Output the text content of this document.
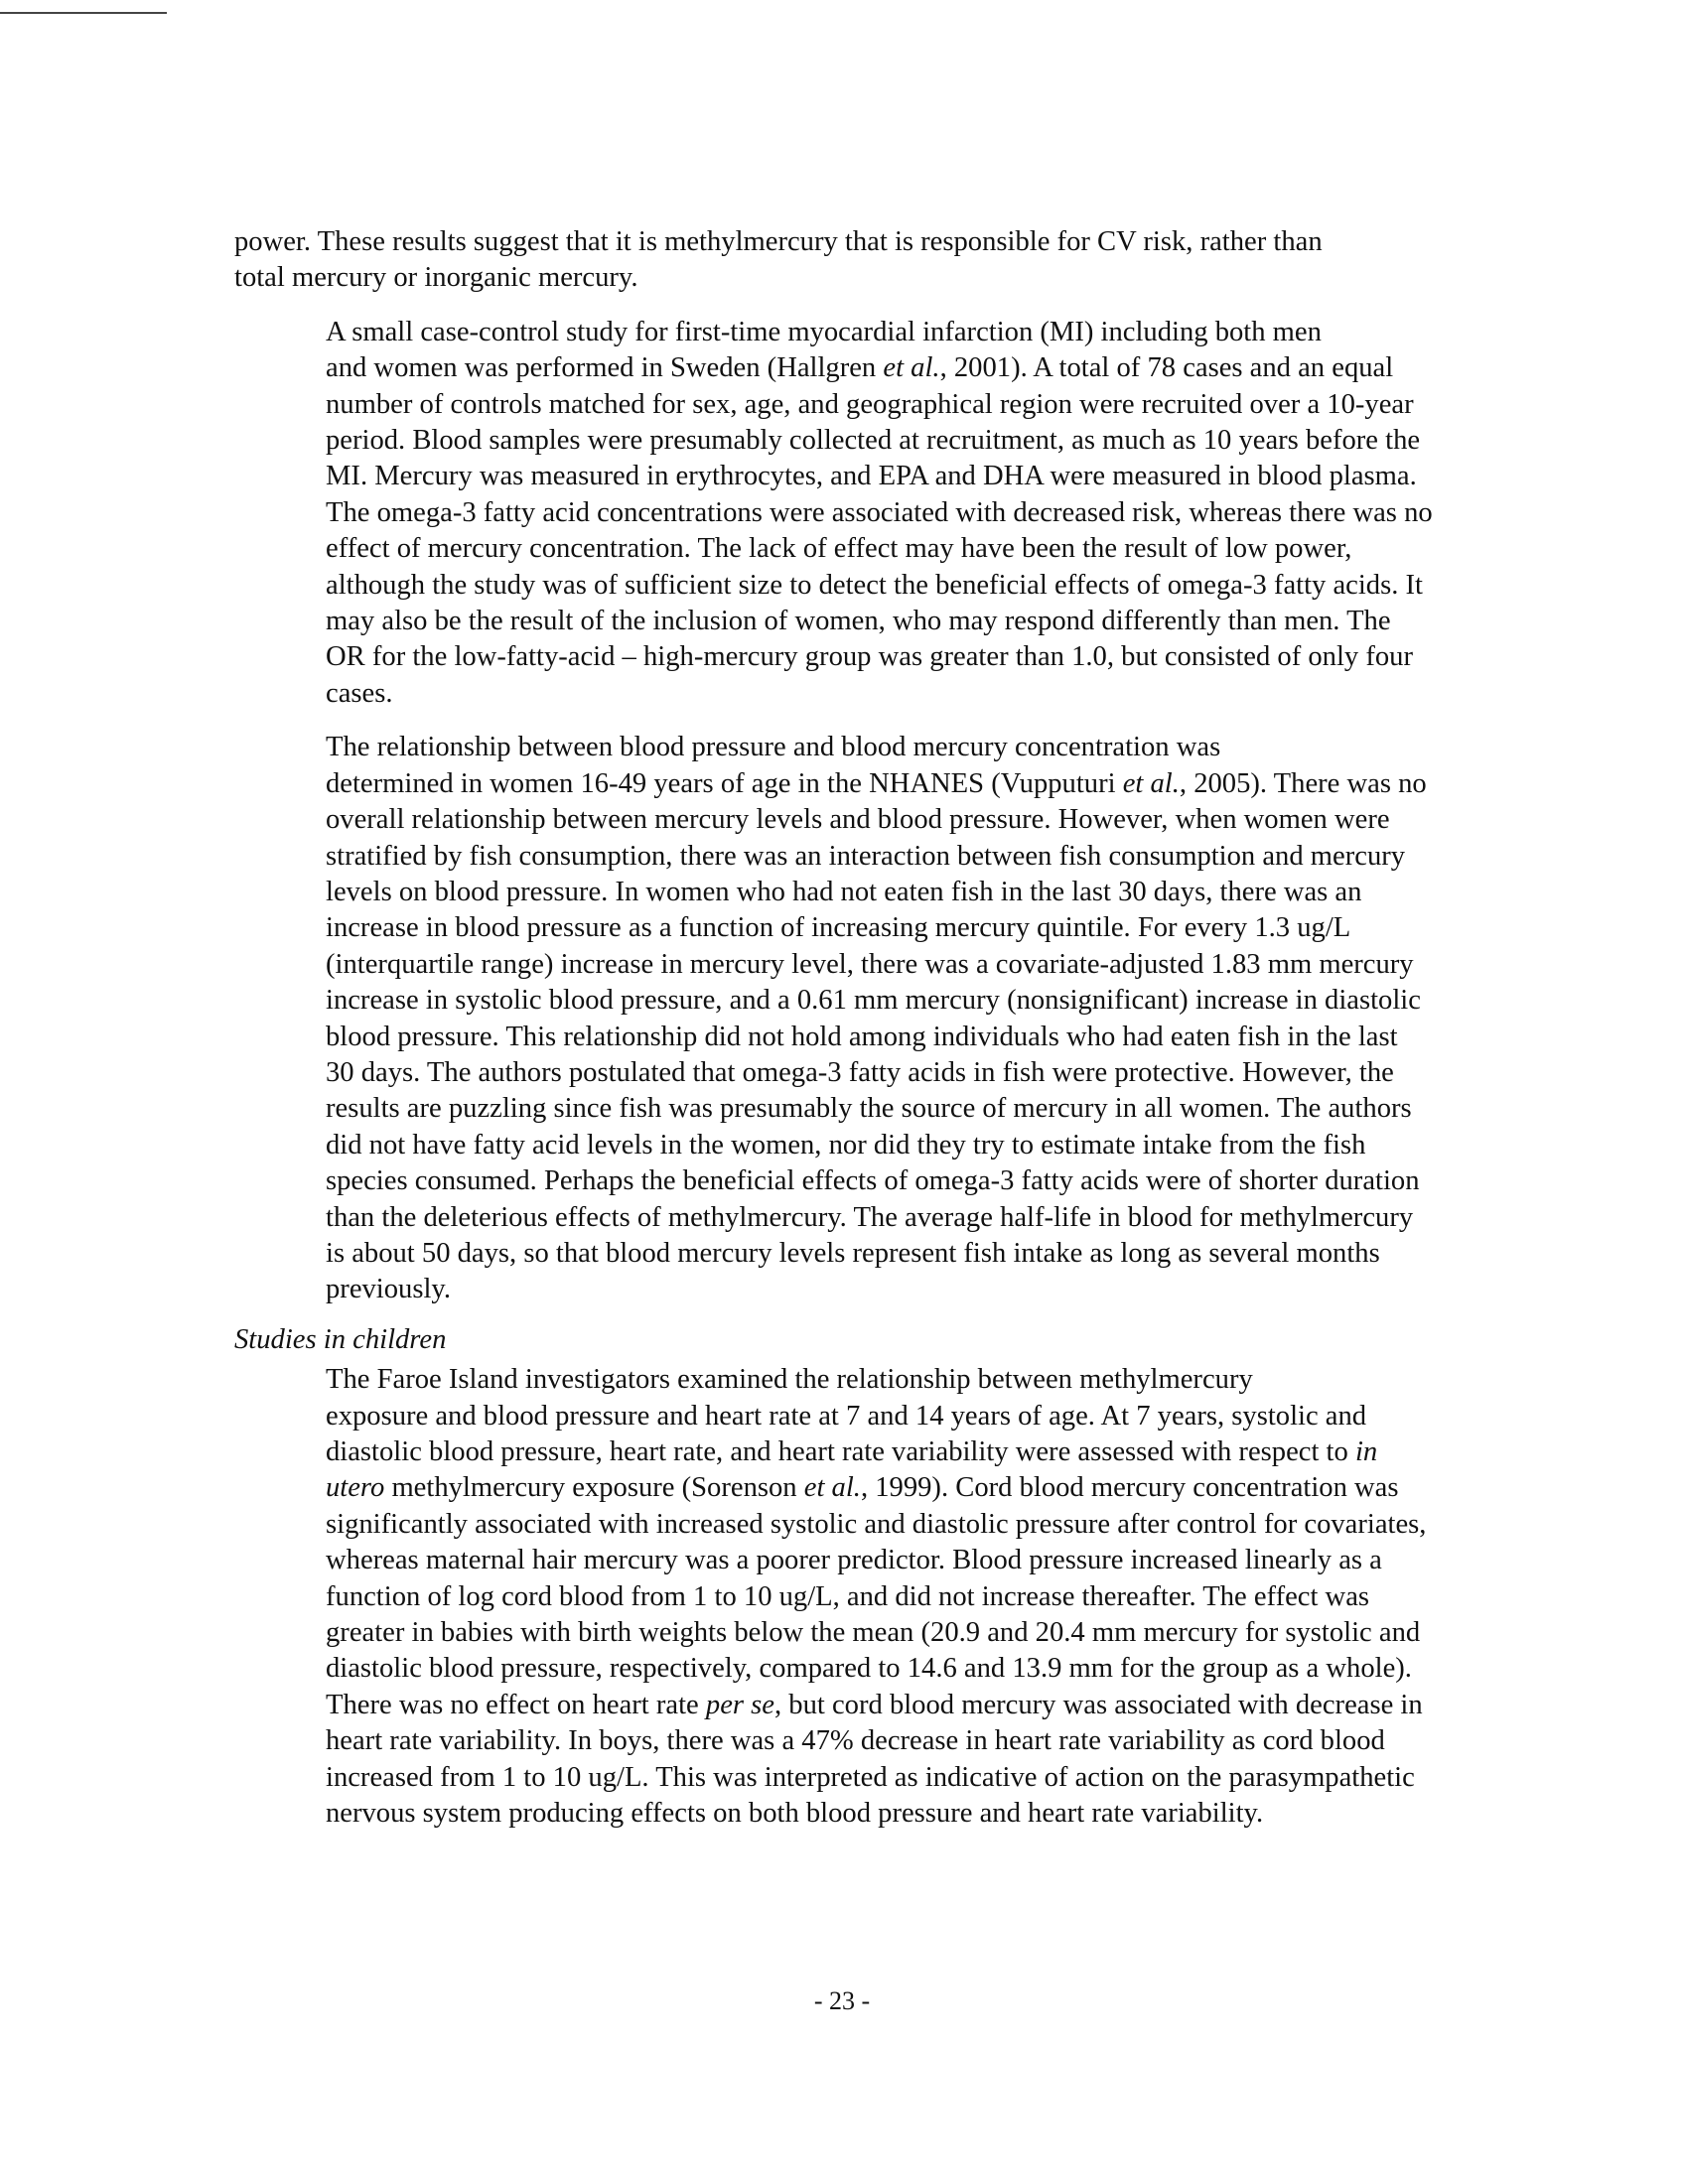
power. These results suggest that it is methylmercury that is responsible for CV risk, rather than
total mercury or inorganic mercury.

A small case-control study for first-time myocardial infarction (MI) including both men
and women was performed in Sweden (Hallgren et al., 2001). A total of 78 cases and an equal
number of controls matched for sex, age, and geographical region were recruited over a 10-year
period. Blood samples were presumably collected at recruitment, as much as 10 years before the
MI. Mercury was measured in erythrocytes, and EPA and DHA were measured in blood plasma.
The omega-3 fatty acid concentrations were associated with decreased risk, whereas there was no
effect of mercury concentration. The lack of effect may have been the result of low power,
although the study was of sufficient size to detect the beneficial effects of omega-3 fatty acids. It
may also be the result of the inclusion of women, who may respond differently than men. The
OR for the low-fatty-acid – high-mercury group was greater than 1.0, but consisted of only four
cases.

The relationship between blood pressure and blood mercury concentration was
determined in women 16-49 years of age in the NHANES (Vupputuri et al., 2005). There was no
overall relationship between mercury levels and blood pressure. However, when women were
stratified by fish consumption, there was an interaction between fish consumption and mercury
levels on blood pressure. In women who had not eaten fish in the last 30 days, there was an
increase in blood pressure as a function of increasing mercury quintile. For every 1.3 ug/L
(interquartile range) increase in mercury level, there was a covariate-adjusted 1.83 mm mercury
increase in systolic blood pressure, and a 0.61 mm mercury (nonsignificant) increase in diastolic
blood pressure. This relationship did not hold among individuals who had eaten fish in the last
30 days. The authors postulated that omega-3 fatty acids in fish were protective. However, the
results are puzzling since fish was presumably the source of mercury in all women. The authors
did not have fatty acid levels in the women, nor did they try to estimate intake from the fish
species consumed. Perhaps the beneficial effects of omega-3 fatty acids were of shorter duration
than the deleterious effects of methylmercury. The average half-life in blood for methylmercury
is about 50 days, so that blood mercury levels represent fish intake as long as several months
previously.

Studies in children

The Faroe Island investigators examined the relationship between methylmercury
exposure and blood pressure and heart rate at 7 and 14 years of age. At 7 years, systolic and
diastolic blood pressure, heart rate, and heart rate variability were assessed with respect to in
utero methylmercury exposure (Sorenson et al., 1999). Cord blood mercury concentration was
significantly associated with increased systolic and diastolic pressure after control for covariates,
whereas maternal hair mercury was a poorer predictor. Blood pressure increased linearly as a
function of log cord blood from 1 to 10 ug/L, and did not increase thereafter. The effect was
greater in babies with birth weights below the mean (20.9 and 20.4 mm mercury for systolic and
diastolic blood pressure, respectively, compared to 14.6 and 13.9 mm for the group as a whole).
There was no effect on heart rate per se, but cord blood mercury was associated with decrease in
heart rate variability. In boys, there was a 47% decrease in heart rate variability as cord blood
increased from 1 to 10 ug/L. This was interpreted as indicative of action on the parasympathetic
nervous system producing effects on both blood pressure and heart rate variability.

- 23 -
